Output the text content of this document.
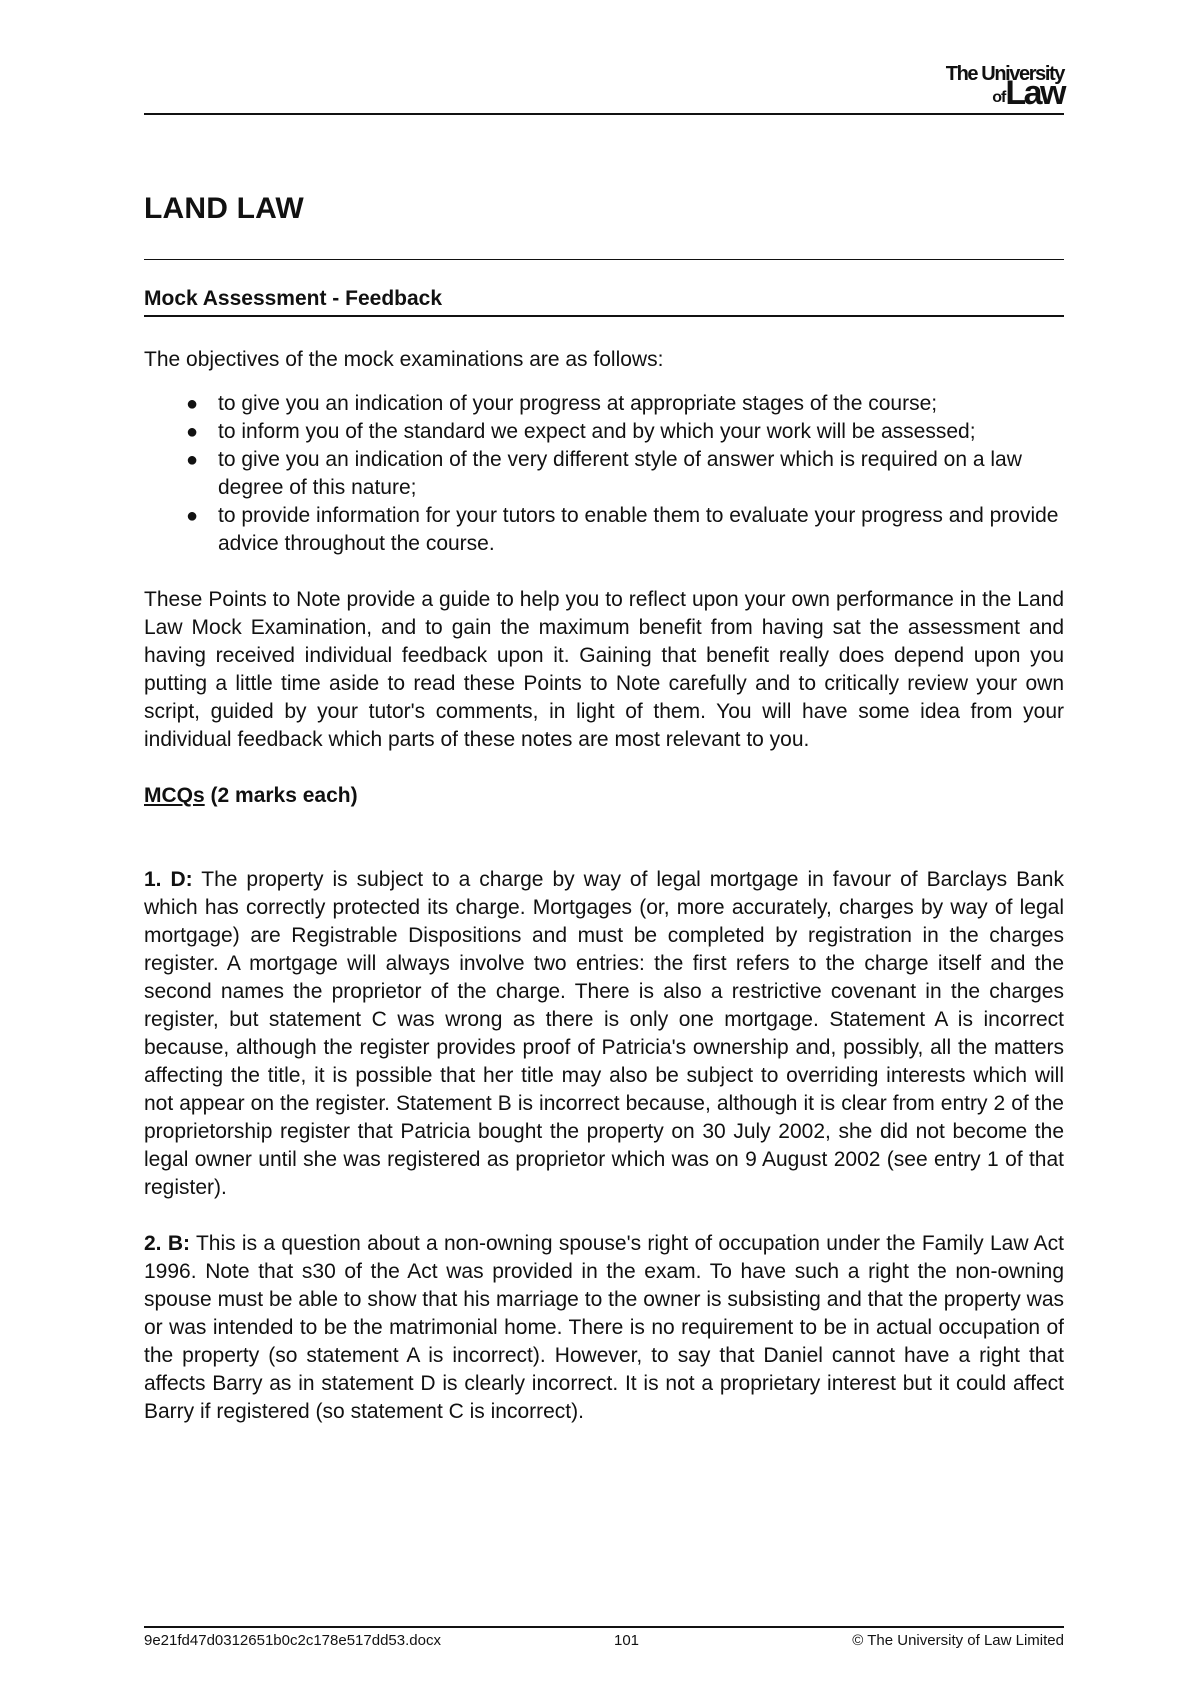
The University
ofLaw
LAND LAW
Mock Assessment - Feedback

The objectives of the mock examinations are as follows:

● to give you an indication of your progress at appropriate stages of the course;
● to inform you of the standard we expect and by which your work will be assessed;
● to give you an indication of the very different style of answer which is required on a law degree of this nature;
● to provide information for your tutors to enable them to evaluate your progress and provide advice throughout the course.

These Points to Note provide a guide to help you to reflect upon your own performance in the Land Law Mock Examination, and to gain the maximum benefit from having sat the assessment and having received individual feedback upon it. Gaining that benefit really does depend upon you putting a little time aside to read these Points to Note carefully and to critically review your own script, guided by your tutor's comments, in light of them. You will have some idea from your individual feedback which parts of these notes are most relevant to you.

MCQs (2 marks each)

1. D: The property is subject to a charge by way of legal mortgage in favour of Barclays Bank which has correctly protected its charge. Mortgages (or, more accurately, charges by way of legal mortgage) are Registrable Dispositions and must be completed by registration in the charges register. A mortgage will always involve two entries: the first refers to the charge itself and the second names the proprietor of the charge. There is also a restrictive covenant in the charges register, but statement C was wrong as there is only one mortgage. Statement A is incorrect because, although the register provides proof of Patricia's ownership and, possibly, all the matters affecting the title, it is possible that her title may also be subject to overriding interests which will not appear on the register. Statement B is incorrect because, although it is clear from entry 2 of the proprietorship register that Patricia bought the property on 30 July 2002, she did not become the legal owner until she was registered as proprietor which was on 9 August 2002 (see entry 1 of that register).

2. B: This is a question about a non-owning spouse's right of occupation under the Family Law Act 1996. Note that s30 of the Act was provided in the exam. To have such a right the non-owning spouse must be able to show that his marriage to the owner is subsisting and that the property was or was intended to be the matrimonial home. There is no requirement to be in actual occupation of the property (so statement A is incorrect). However, to say that Daniel cannot have a right that affects Barry as in statement D is clearly incorrect. It is not a proprietary interest but it could affect Barry if registered (so statement C is incorrect).

9e21fd47d0312651b0c2c178e517dd53.docx	101	© The University of Law Limited
